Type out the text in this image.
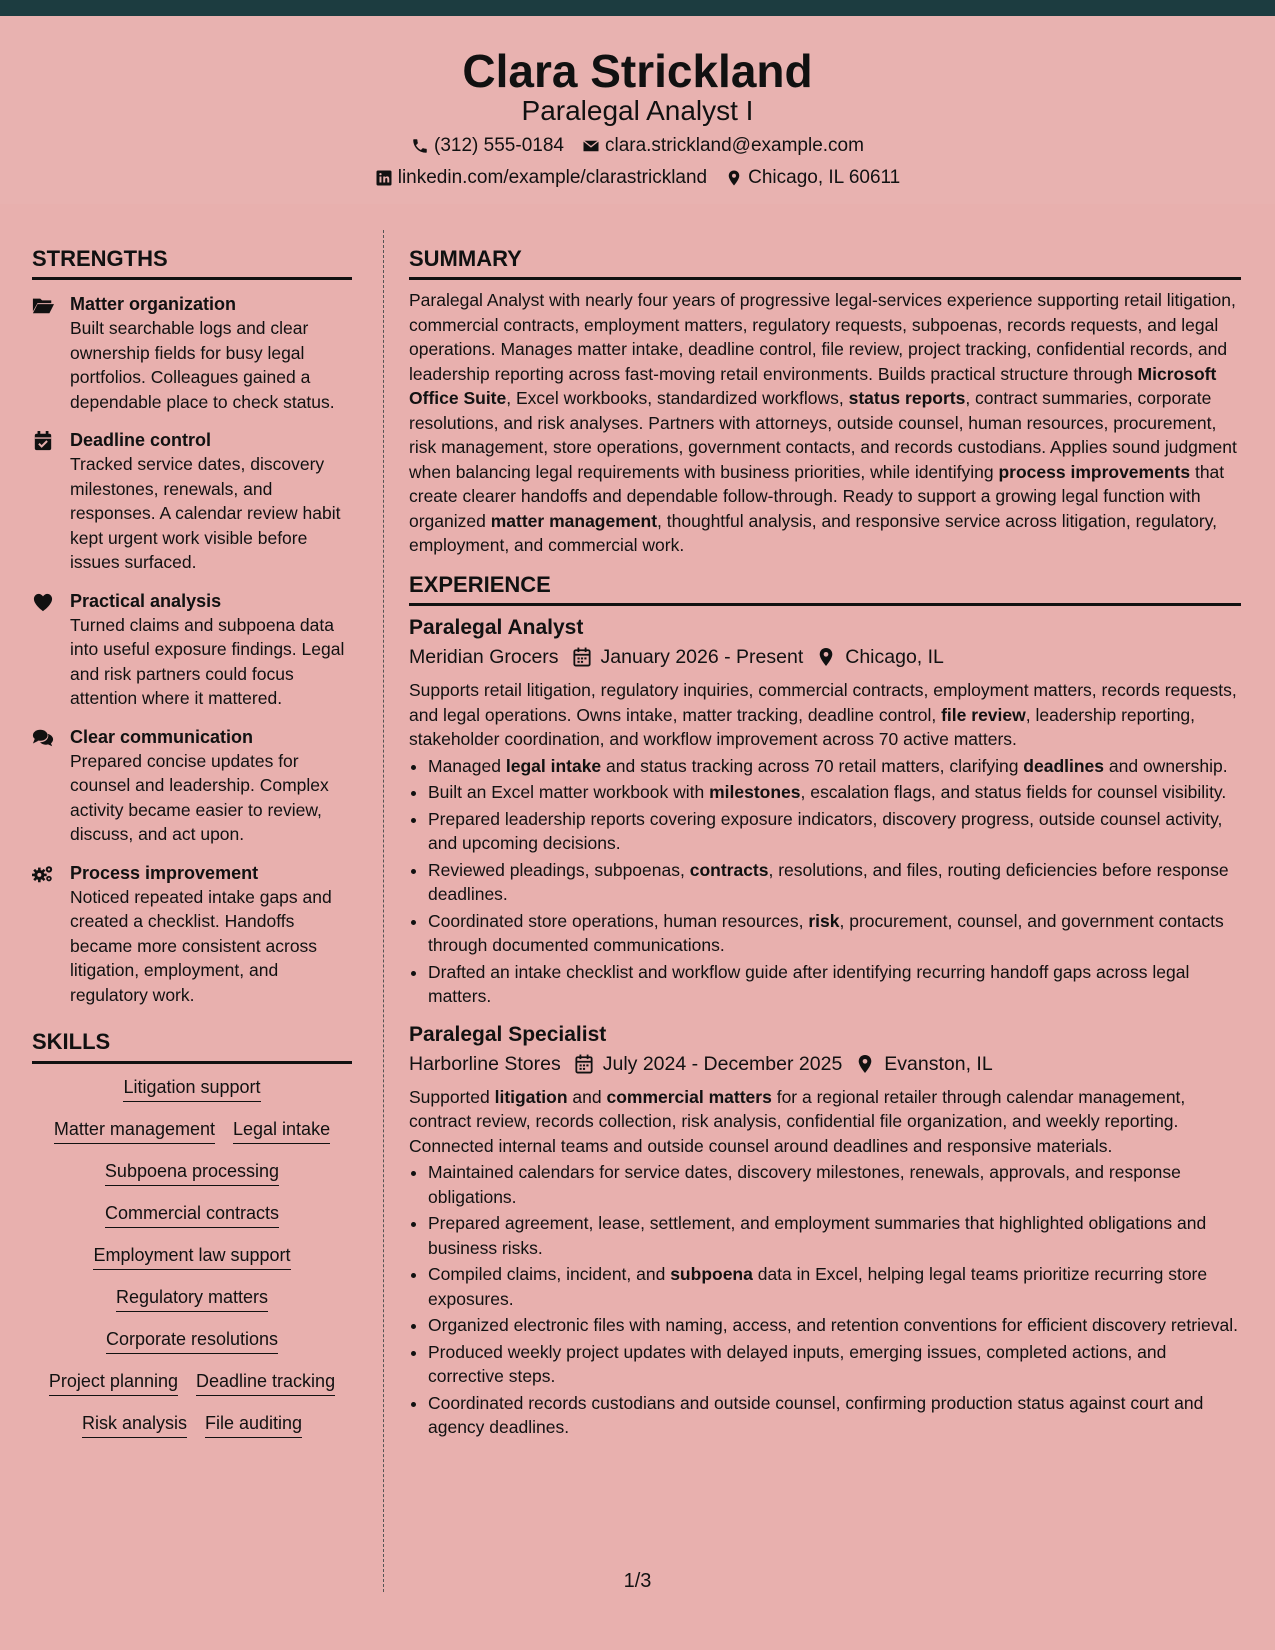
Clara Strickland
Paralegal Analyst I
(312) 555-0184 clara.strickland@example.com
linkedin.com/example/clarastrickland Chicago, IL 60611
STRENGTHS
Matter organization

Built searchable logs and clear ownership fields for busy legal portfolios. Colleagues gained a dependable place to check status.

Deadline control

Tracked service dates, discovery milestones, renewals, and responses. A calendar review habit kept urgent work visible before issues surfaced.

Practical analysis

Turned claims and subpoena data into useful exposure findings. Legal and risk partners could focus attention where it mattered.

Clear communication

Prepared concise updates for counsel and leadership. Complex activity became easier to review, discuss, and act upon.

Process improvement

Noticed repeated intake gaps and created a checklist. Handoffs became more consistent across litigation, employment, and regulatory work.

SKILLS
Litigation support
Matter management Legal intake
Subpoena processing
Commercial contracts
Employment law support
Regulatory matters
Corporate resolutions
Project planning Deadline tracking
Risk analysis File auditing
SUMMARY

Paralegal Analyst with nearly four years of progressive legal-services experience supporting retail litigation, commercial contracts, employment matters, regulatory requests, subpoenas, records requests, and legal operations. Manages matter intake, deadline control, file review, project tracking, confidential records, and leadership reporting across fast-moving retail environments. Builds practical structure through Microsoft Office Suite, Excel workbooks, standardized workflows, status reports, contract summaries, corporate resolutions, and risk analyses. Partners with attorneys, outside counsel, human resources, procurement, risk management, store operations, government contacts, and records custodians. Applies sound judgment when balancing legal requirements with business priorities, while identifying process improvements that create clearer handoffs and dependable follow-through. Ready to support a growing legal function with organized matter management, thoughtful analysis, and responsive service across litigation, regulatory, employment, and commercial work.

EXPERIENCE
Paralegal Analyst
Meridian Grocers January 2026 - Present Chicago, IL

Supports retail litigation, regulatory inquiries, commercial contracts, employment matters, records requests, and legal operations. Owns intake, matter tracking, deadline control, file review, leadership reporting, stakeholder coordination, and workflow improvement across 70 active matters.

• Managed legal intake and status tracking across 70 retail matters, clarifying deadlines and ownership.
• Built an Excel matter workbook with milestones, escalation flags, and status fields for counsel visibility.
• Prepared leadership reports covering exposure indicators, discovery progress, outside counsel activity, and upcoming decisions.
• Reviewed pleadings, subpoenas, contracts, resolutions, and files, routing deficiencies before response deadlines.
• Coordinated store operations, human resources, risk, procurement, counsel, and government contacts through documented communications.
• Drafted an intake checklist and workflow guide after identifying recurring handoff gaps across legal matters.
Paralegal Specialist
Harborline Stores July 2024 - December 2025 Evanston, IL

Supported litigation and commercial matters for a regional retailer through calendar management, contract review, records collection, risk analysis, confidential file organization, and weekly reporting. Connected internal teams and outside counsel around deadlines and responsive materials.

• Maintained calendars for service dates, discovery milestones, renewals, approvals, and response obligations.
• Prepared agreement, lease, settlement, and employment summaries that highlighted obligations and business risks.
• Compiled claims, incident, and subpoena data in Excel, helping legal teams prioritize recurring store exposures.
• Organized electronic files with naming, access, and retention conventions for efficient discovery retrieval.
• Produced weekly project updates with delayed inputs, emerging issues, completed actions, and corrective steps.
• Coordinated records custodians and outside counsel, confirming production status against court and agency deadlines.
1/3
